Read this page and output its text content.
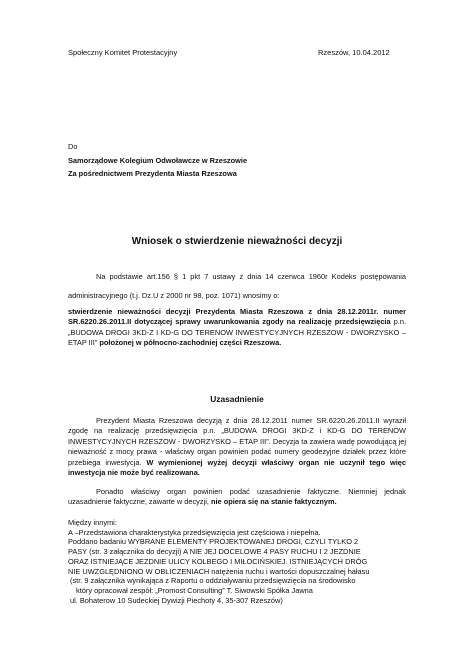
Społeczny Komitet Protestacyjny	Rzeszów, 10.04.2012
Do
Samorządowe Kolegium Odwoławcze w Rzeszowie
Za pośrednictwem Prezydenta Miasta Rzeszowa
Wniosek o stwierdzenie nieważności decyzji
Na podstawie art.156 § 1 pkt 7 ustawy z dnia 14 czerwca 1960r Kodeks postępowania administracyjnego (t.j. Dz.U z 2000 nr 98, poz. 1071) wnosimy o:
stwierdzenie nieważności decyzji Prezydenta Miasta Rzeszowa z dnia 28.12.2011r. numer SR.6220.26.2011.II dotyczącej sprawy uwarunkowania zgody na realizację przedsięwzięcia p.n. „BUDOWA DROGI 3KD-Z I KD-G DO TERENOW INWESTYCYJNYCH RZESZOW - DWORZYSKO – ETAP III” położonej w północno-zachodniej części Rzeszowa.
Uzasadnienie
Prezydent Miasta Rzeszowa decyzją z dnia 28.12.2011 numer SR.6220.26.2011.II wyraził zgodę na realizację przedsięwzięcia p.n. „BUDOWA DROGI 3KD-Z i KD-G DO TERENOW INWESTYCYJNYCH RZESZOW - DWORZYSKO – ETAP III”. Decyzja ta zawiera wadę powodującą jej nieważność z mocy prawa - właściwy organ powinien podać numery geodezyjne działek przez które przebiega inwestycja. W wymienionej wyżej decyzji właściwy organ nie uczynił tego więc inwestycja nie może być realizowana.
Ponadto właściwy organ powinien podać uzasadnienie faktyczne. Niemniej jednak uzasadnienie faktyczne, zawarte w decyzji, nie opiera się na stanie faktycznym.
Między innymi:
A –Przedstawiona charakterystyka przedsięwzięcia jest częściowa i niepełna.
Poddano badaniu WYBRANE ELEMENTY PROJEKTOWANEJ DROGI, CZYLI TYLKO 2
PASY (str. 3 załącznika do decyzji) A NIE JEJ DOCELOWE 4 PASY RUCHU I 2 JEZDNIE
ORAZ ISTNIEJĄCE JEZDNIE ULICY KOLBEGO I MIŁOCIŃSKIEJ. ISTNIEJĄCYCH DRÓG
NIE UWZGLĘDNIONO W OBLICZENIACH natężenia ruchu i wartości dopuszczalnej hałasu
(str. 9 załącznika wynikająca z Raportu o oddziaływaniu przedsięwzięcia na środowisko
który opracował zespół: „Promost Consulting” T. Siwowski Spółka Jawna
ul. Bohaterow 10 Sudeckiej Dywizji Piechoty 4, 35-307 Rzeszów)
